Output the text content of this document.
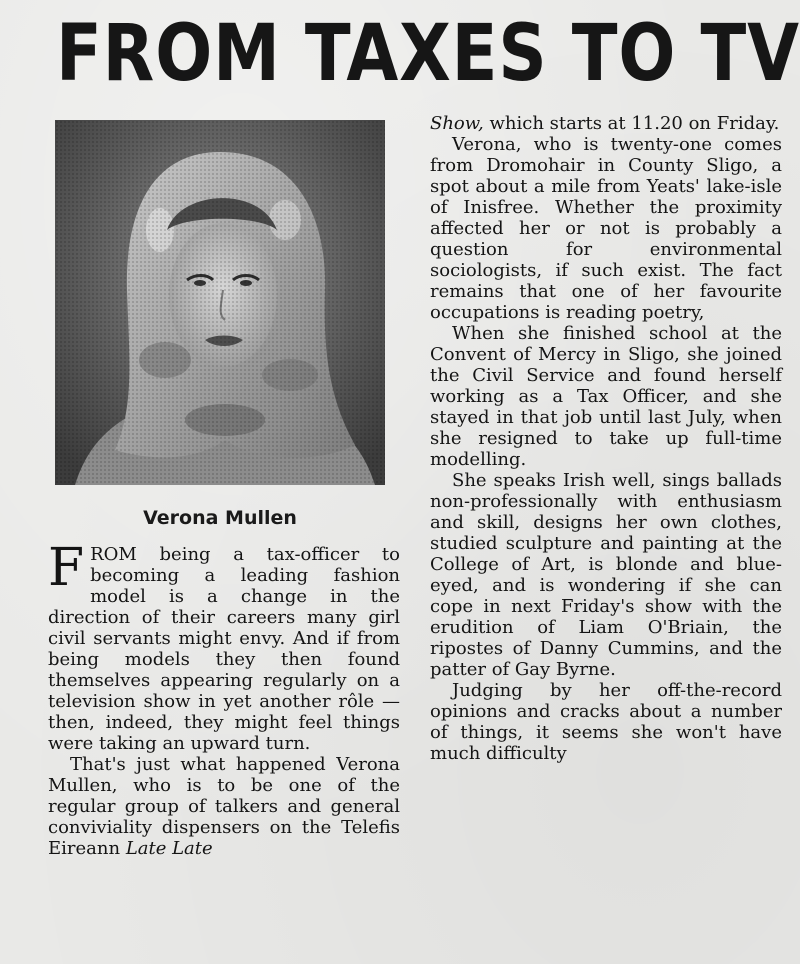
FROM TAXES TO TV
Verona Mullen

FROM being a tax-officer to becoming a leading fashion model is a change in the direction of their careers many girl civil servants might envy. And if from being models they then found themselves appearing regularly on a television show in yet another rôle — then, indeed, they might feel things were taking an upward turn.

That's just what happened Verona Mullen, who is to be one of the regular group of talkers and general conviviality dispensers on the Telefis Eireann Late Late

Show, which starts at 11.20 on Friday.

Verona, who is twenty-one comes from Dromohair in County Sligo, a spot about a mile from Yeats' lake-isle of Inisfree. Whether the proximity affected her or not is probably a question for environmental sociologists, if such exist. The fact remains that one of her favourite occupations is reading poetry,

When she finished school at the Convent of Mercy in Sligo, she joined the Civil Service and found herself working as a Tax Officer, and she stayed in that job until last July, when she resigned to take up full-time modelling.

She speaks Irish well, sings ballads non-professionally with enthusiasm and skill, designs her own clothes, studied sculpture and painting at the College of Art, is blonde and blue-eyed, and is wondering if she can cope in next Friday's show with the erudition of Liam O'Briain, the ripostes of Danny Cummins, and the patter of Gay Byrne.

Judging by her off-the-record opinions and cracks about a number of things, it seems she won't have much difficulty
